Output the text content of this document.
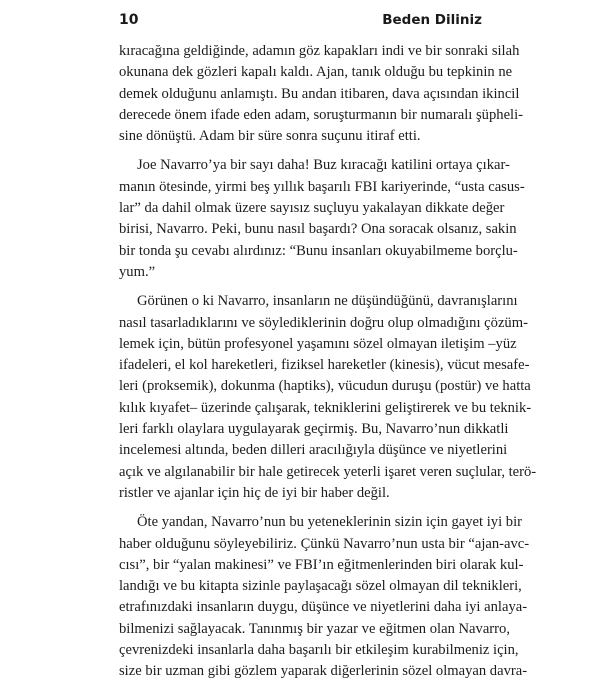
10	Beden Diliniz
kıracağına geldiğinde, adamın göz kapakları indi ve bir sonraki silah
okunana dek gözleri kapalı kaldı. Ajan, tanık olduğu bu tepkinin ne
demek olduğunu anlamıştı. Bu andan itibaren, dava açısından ikincil
derecede önem ifade eden adam, soruşturmanın bir numaralı şüpheli-
sine dönüştü. Adam bir süre sonra suçunu itiraf etti.
Joe Navarro’ya bir sayı daha! Buz kıracağı katilini ortaya çıkar-
manın ötesinde, yirmi beş yıllık başarılı FBI kariyerinde, “usta casus-
lar” da dahil olmak üzere sayısız suçluyu yakalayan dikkate değer
birisi, Navarro. Peki, bunu nasıl başardı? Ona soracak olsanız, sakin
bir tonda şu cevabı alırdınız: “Bunu insanları okuyabilmeme borçlu-
yum.”
Görünen o ki Navarro, insanların ne düşündüğünü, davranışlarını
nasıl tasarladıklarını ve söylediklerinin doğru olup olmadığını çözüm-
lemek için, bütün profesyonel yaşamını sözel olmayan iletişim –yüz
ifadeleri, el kol hareketleri, fiziksel hareketler (kinesis), vücut mesafe-
leri (proksemik), dokunma (haptiks), vücudun duruşu (postür) ve hatta
kılık kıyafet– üzerinde çalışarak, tekniklerini geliştirerek ve bu teknik-
leri farklı olaylara uygulayarak geçirmiş. Bu, Navarro’nun dikkatli
incelemesi altında, beden dilleri aracılığıyla düşünce ve niyetlerini
açık ve algılanabilir bir hale getirecek yeterli işaret veren suçlular, terö-
ristler ve ajanlar için hiç de iyi bir haber değil.
Öte yandan, Navarro’nun bu yeteneklerinin sizin için gayet iyi bir
haber olduğunu söyleyebiliriz. Çünkü Navarro’nun usta bir “ajan-avc-
cısı”, bir “yalan makinesi” ve FBI’ın eğitmenlerinden biri olarak kul-
landığı ve bu kitapta sizinle paylaşacağı sözel olmayan dil teknikleri,
etrafınızdaki insanların duygu, düşünce ve niyetlerini daha iyi anlaya-
bilmenizi sağlayacak. Tanınmış bir yazar ve eğitmen olan Navarro,
çevrenizdeki insanlarla daha başarılı bir etkileşim kurabilmeniz için,
size bir uzman gibi gözlem yaparak diğerlerinin sözel olmayan davra-
